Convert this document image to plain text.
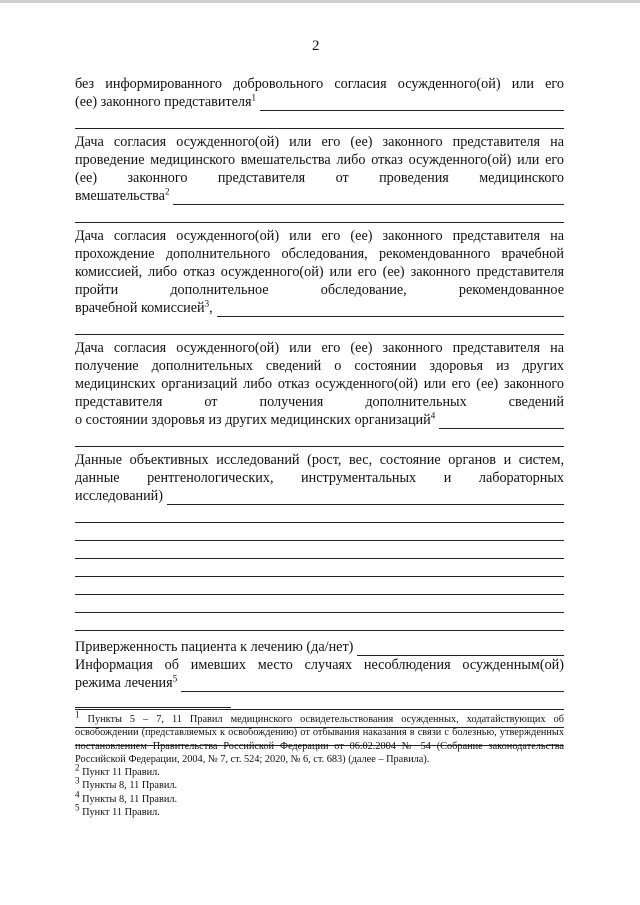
2
без информированного добровольного согласия осужденного(ой) или его
(ее) законного представителя$^1$
Дача согласия осужденного(ой) или его (ее) законного представителя на проведение медицинского вмешательства либо отказ осужденного(ой) или его (ее) законного представителя от проведения медицинского
вмешательства$^2$
Дача согласия осужденного(ой) или его (ее) законного представителя на прохождение дополнительного обследования, рекомендованного врачебной комиссией, либо отказ осужденного(ой) или его (ее) законного представителя пройти дополнительное обследование, рекомендованное
врачебной комиссией$^3$,
Дача согласия осужденного(ой) или его (ее) законного представителя на получение дополнительных сведений о состоянии здоровья из других медицинских организаций либо отказ осужденного(ой) или его (ее) законного представителя от получения дополнительных сведений
о состоянии здоровья из других медицинских организаций$^4$
Данные объективных исследований (рост, вес, состояние органов и систем, данные рентгенологических, инструментальных и лабораторных
исследований)
Приверженность пациента к лечению (да/нет)
Информация об имевших место случаях несоблюдения осужденным(ой)
режима лечения$^5$
$^1$ Пункты 5 – 7, 11 Правил медицинского освидетельствования осужденных, ходатайствующих об освобождении (представляемых к освобождению) от отбывания наказания в связи с болезнью, утвержденных постановлением Правительства Российской Федерации от 06.02.2004 № 54 (Собрание законодательства Российской Федерации, 2004, № 7, ст. 524; 2020, № 6, ст. 683) (далее – Правила).
$^2$ Пункт 11 Правил.
$^3$ Пункты 8, 11 Правил.
$^4$ Пункты 8, 11 Правил.
$^5$ Пункт 11 Правил.
